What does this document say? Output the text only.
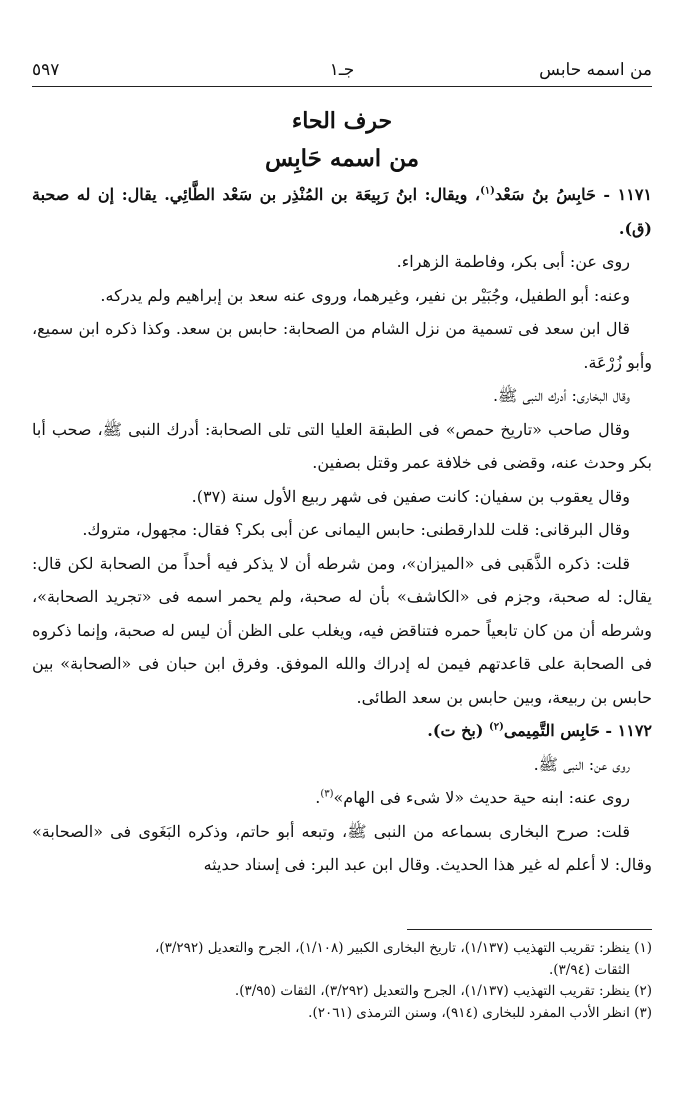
من اسمه حابس
جـ١
٥٩٧
حرف الحاء
من اسمه حَابِس

١١٧١ - حَابِسُ بنُ سَعْد$^{(١)}$، ويقال: ابنُ رَبِيعَة بن المُنْذِر بن سَعْد الطَّائِي. يقال: إن له صحبة (ق).

روى عن: أبى بكر، وفاطمة الزهراء.

وعنه: أبو الطفيل، وجُبَيْر بن نفير، وغيرهما، وروى عنه سعد بن إبراهيم ولم يدركه.

قال ابن سعد فى تسمية من نزل الشام من الصحابة: حابس بن سعد. وكذا ذكره ابن سميع، وأبو زُرْعَة.

وقال البخارى: أدرك النبى ﷺ.

وقال صاحب «تاريخ حمص» فى الطبقة العليا التى تلى الصحابة: أدرك النبى ﷺ، صحب أبا بكر وحدث عنه، وقضى فى خلافة عمر وقتل بصفين.

وقال يعقوب بن سفيان: كانت صفين فى شهر ربيع الأول سنة (٣٧).

وقال البرقانى: قلت للدارقطنى: حابس اليمانى عن أبى بكر؟ فقال: مجهول، متروك.

قلت: ذكره الذَّهَبى فى «الميزان»، ومن شرطه أن لا يذكر فيه أحداً من الصحابة لكن قال: يقال: له صحبة، وجزم فى «الكاشف» بأن له صحبة، ولم يحمر اسمه فى «تجريد الصحابة»، وشرطه أن من كان تابعياً حمره فتناقض فيه، ويغلب على الظن أن ليس له صحبة، وإنما ذكروه فى الصحابة على قاعدتهم فيمن له إدراك والله الموفق. وفرق ابن حبان فى «الصحابة» بين حابس بن ربيعة، وبين حابس بن سعد الطائى.

١١٧٢ - حَابِس التَّمِيمى$^{(٢)}$ (بخ ت).

روى عن: النبى ﷺ.

روى عنه: ابنه حية حديث «لا شىء فى الهام»$^{(٣)}$.

قلت: صرح البخارى بسماعه من النبى ﷺ، وتبعه أبو حاتم، وذكره البَغَوى فى «الصحابة» وقال: لا أعلم له غير هذا الحديث. وقال ابن عبد البر: فى إسناد حديثه

(١) ينظر: تقريب التهذيب (١/١٣٧)، تاريخ البخارى الكبير (١/١٠٨)، الجرح والتعديل (٣/٢٩٢)،

الثقات (٣/٩٤).

(٢) ينظر: تقريب التهذيب (١/١٣٧)، الجرح والتعديل (٣/٢٩٢)، الثقات (٣/٩٥).

(٣) انظر الأدب المفرد للبخارى (٩١٤)، وسنن الترمذى (٢٠٦١).
